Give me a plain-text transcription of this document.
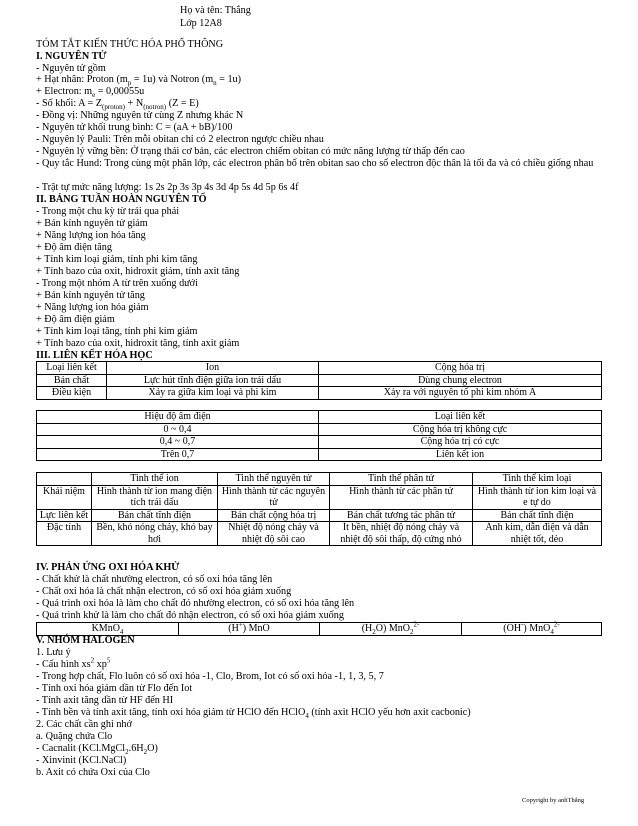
Họ và tên: Thắng
Lớp 12A8
TÓM TẮT KIẾN THỨC HÓA PHỔ THÔNG
I. NGUYÊN TỬ
- Nguyên tử gồm
+ Hạt nhân: Proton $(m_p = 1u)$ và Notron $(m_n = 1u)$
+ Electron: $m_e = 0,00055u$
- Số khối: $A = Z_{(proton)} + N_{(notron)}$ (Z = E)
- Đồng vị: Những nguyên tử cùng Z nhưng khác N
- Nguyên tử khối trung bình: C = (aA + bB)/100
- Nguyên lý Pauli: Trên mỗi obitan chỉ có 2 electron ngược chiều nhau
- Nguyên lý vững bền: Ở trạng thái cơ bản, các electron chiếm obitan có mức năng lượng từ thấp đến cao
- Quy tắc Hund: Trong cùng một phân lớp, các electron phân bố trên obitan sao cho số electron độc thân là tối đa và có chiều giống nhau
- Trật tự mức năng lượng: 1s 2s 2p 3s 3p 4s 3d 4p 5s 4d 5p 6s 4f
II. BẢNG TUẦN HOÀN NGUYÊN TỐ
- Trong một chu kỳ từ trái qua phải
+ Bán kính nguyên tử giảm
+ Năng lượng ion hóa tăng
+ Độ âm điện tăng
+ Tính kim loại giảm, tính phi kim tăng
+ Tính bazo của oxit, hidroxit giảm, tính axit tăng
- Trong một nhóm A từ trên xuống dưới
+ Bán kính nguyên tử tăng
+ Năng lượng ion hóa giảm
+ Độ âm điện giảm
+ Tính kim loại tăng, tính phi kim giảm
+ Tính bazo của oxit, hidroxit tăng, tính axit giảm
III. LIÊN KẾT HÓA HỌC
Loại liên kết	Ion	Cộng hóa trị
Bản chất	Lực hút tĩnh điện giữa ion trái dấu	Dùng chung electron
Điều kiện	Xảy ra giữa kim loại và phi kim	Xảy ra với nguyên tố phi kim nhóm A
Hiệu độ âm điện	Loại liên kết
0 ~ 0,4	Cộng hóa trị không cực
0,4 ~ 0,7	Cộng hóa trị có cực
Trên 0,7	Liên kết ion
	Tinh thể ion	Tinh thể nguyên tử	Tinh thể phân tử	Tinh thể kim loại
Khái niệm	Hình thành từ ion mang điện tích trái dấu	Hình thành từ các nguyên tử	Hình thành từ các phân tử	Hình thành từ ion kim loại và e tự do
Lực liên kết	Bản chất tĩnh điện	Bản chất cộng hóa trị	Bản chất tương tác phân tử	Bản chất tĩnh điện
Đặc tính	Bền, khó nóng chảy, khó bay hơi	Nhiệt độ nóng chảy và nhiệt độ sôi cao	Ít bền, nhiệt độ nóng chảy và nhiệt độ sôi thấp, độ cứng nhỏ	Ánh kim, dẫn điện và dẫn nhiệt tốt, dẻo
IV. PHẢN ỨNG OXI HÓA KHỬ
- Chất khử là chất nhường electron, có số oxi hóa tăng lên
- Chất oxi hóa là chất nhận electron, có số oxi hóa giảm xuống
- Quá trình oxi hóa là làm cho chất đó nhường electron, có số oxi hóa tăng lên
- Quá trình khử là làm cho chất đó nhận electron, có số oxi hóa giảm xuống
KMnO$_4$	(H+) MnO	$(H_2O)$ MnO$_2^{2-}$	(OH-) MnO$_4^{2-}$
V. NHÓM HALOGEN
1. Lưu ý
- Cấu hình $xs^2$ $xp^5$
- Trong hợp chất, Flo luôn có số oxi hóa -1, Clo, Brom, Iot có số oxi hóa -1, 1, 3, 5, 7
- Tính oxi hóa giảm dần từ Flo đến Iot
- Tính axit tăng dần từ HF đến HI
- Tính bền và tính axit tăng, tính oxi hóa giảm từ HClO đến HClO$_4$ (tính axit HClO yếu hơn axit cacbonic)
2. Các chất cần ghi nhớ
a. Quặng chứa Clo
- Cacnalit $(KCl.MgCl_2.6H_2O)$
- Xinvinit (KCl.NaCl)
b. Axit có chứa Oxi của Clo
Copyright by anhThắng
